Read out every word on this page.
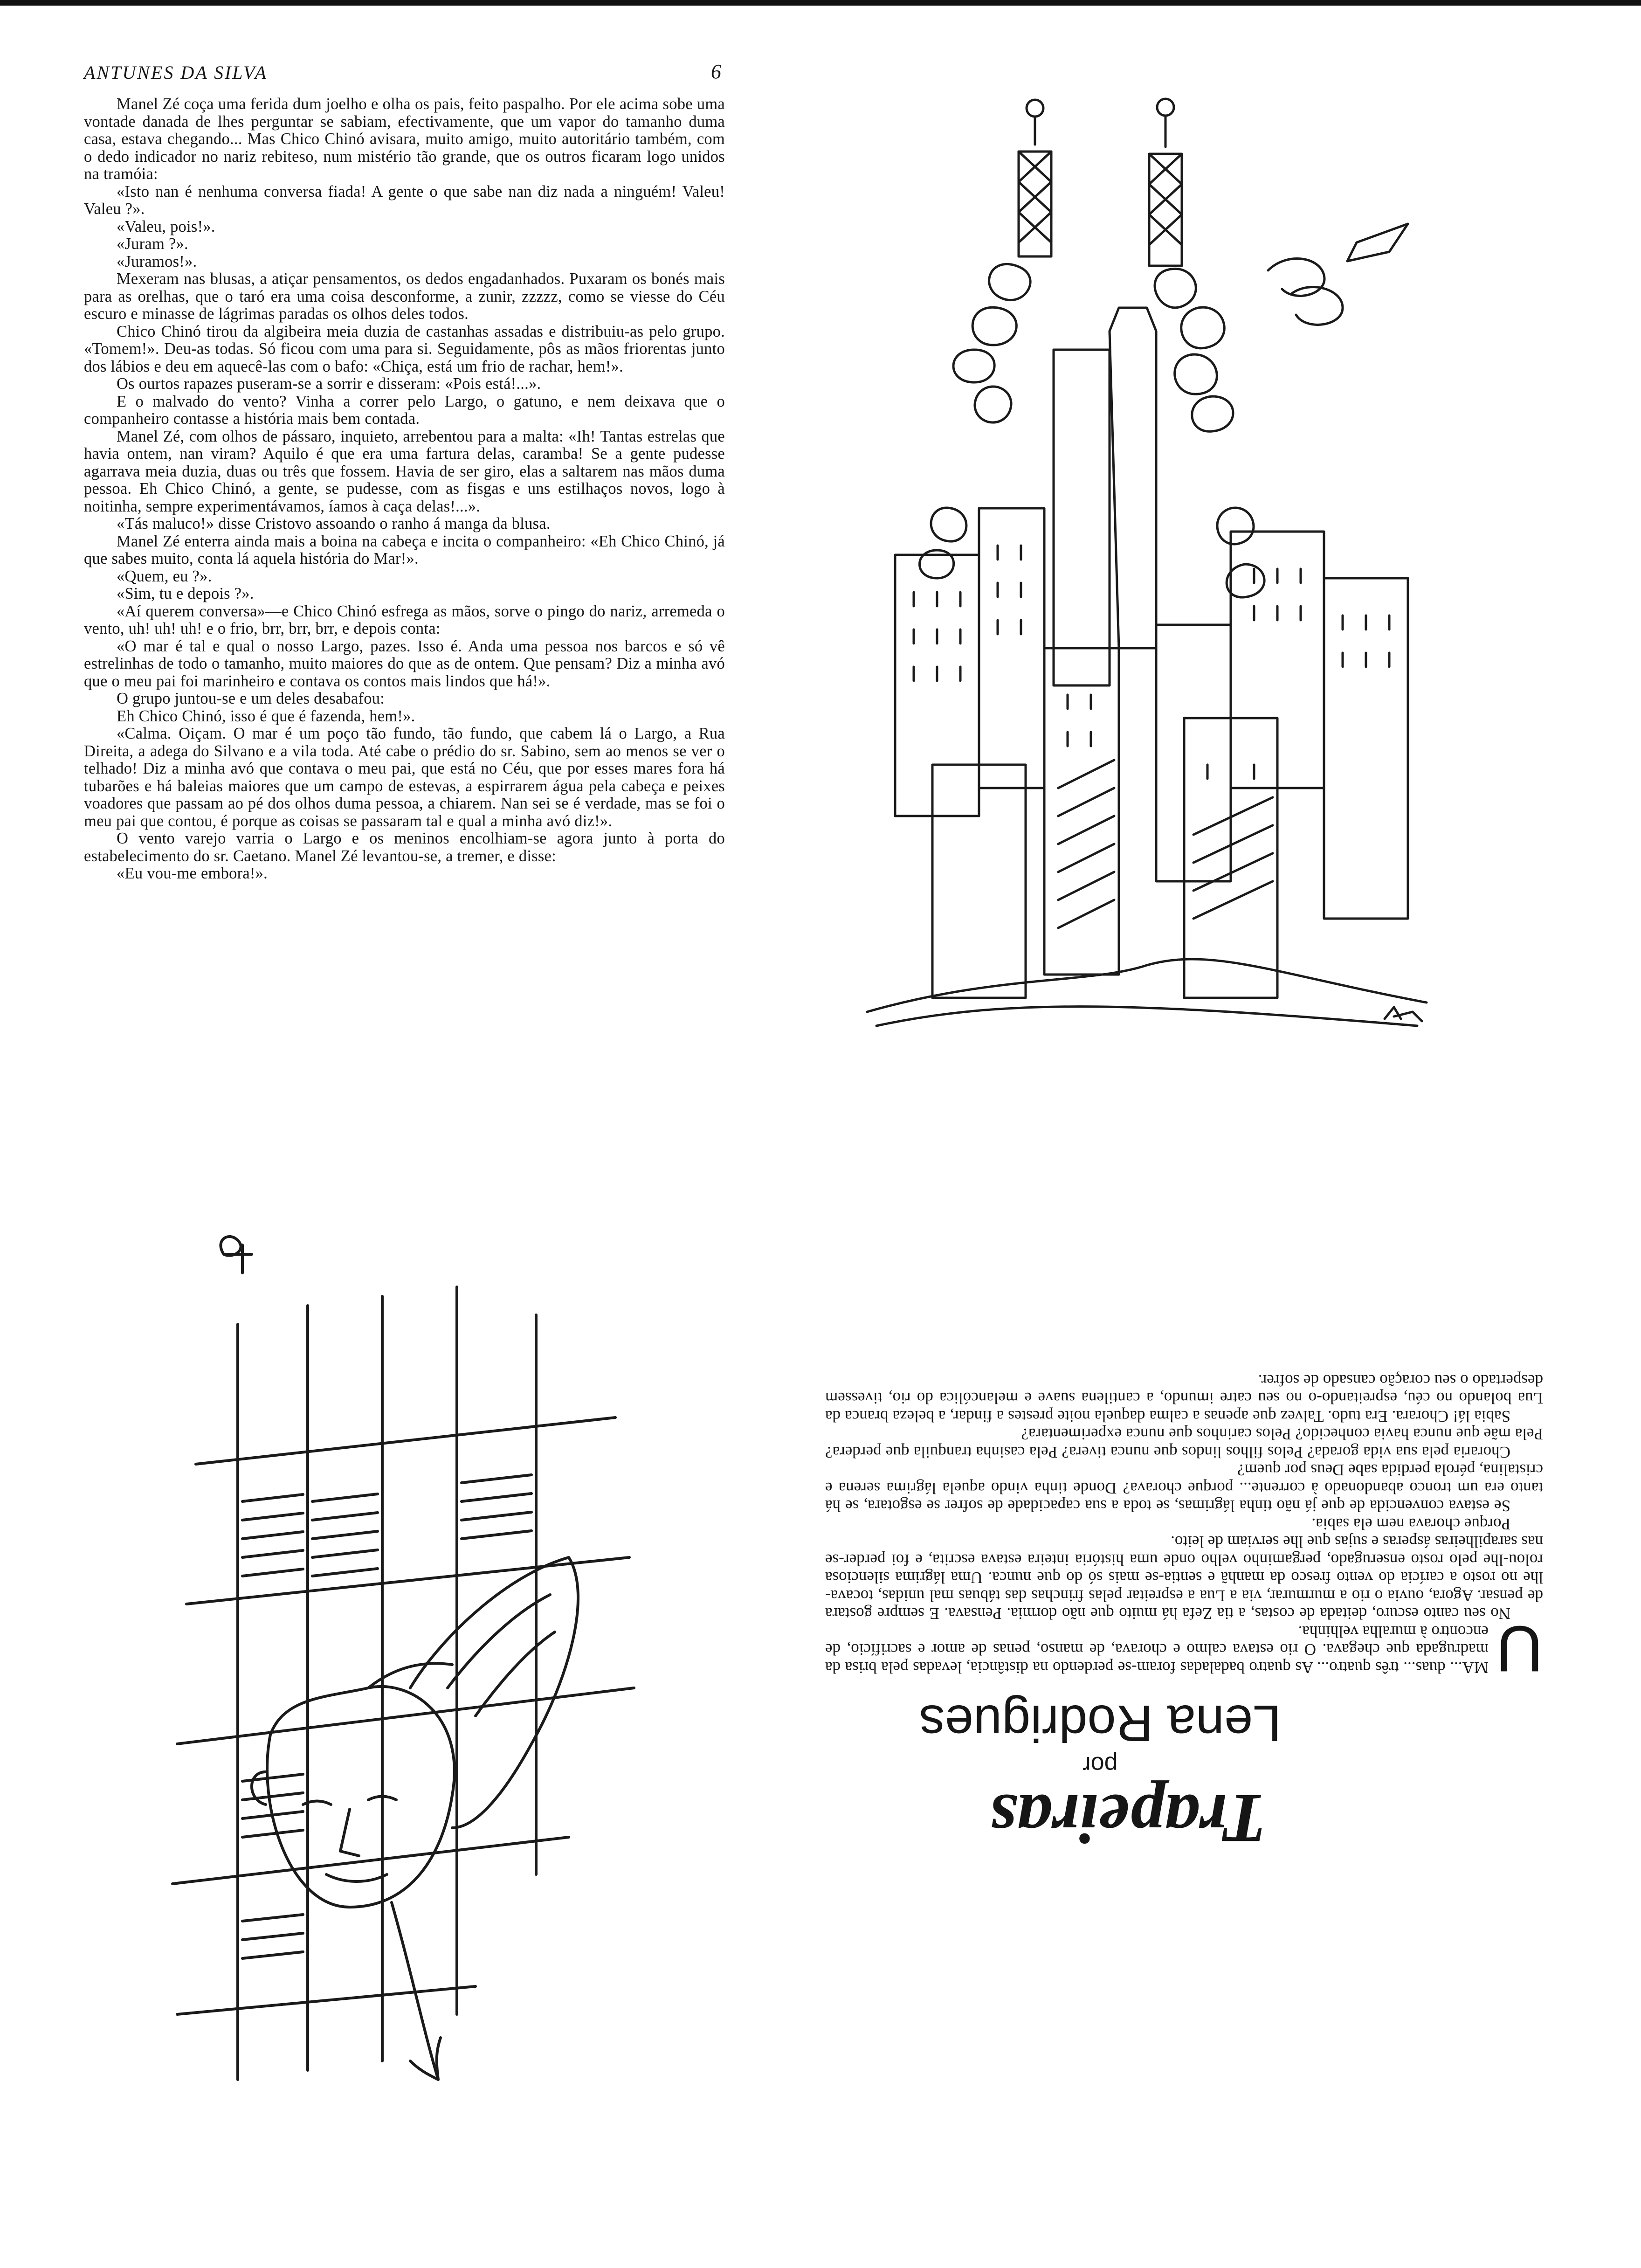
ANTUNES DA SILVA	6

Manel Zé coça uma ferida dum joelho e olha os pais, feito paspalho. Por ele acima sobe uma vontade danada de lhes perguntar se sabiam, efectivamente, que um vapor do tamanho duma casa, estava chegando... Mas Chico Chinó avisara, muito amigo, muito autoritário também, com o dedo indicador no nariz rebiteso, num mistério tão grande, que os outros ficaram logo unidos na tramóia:

«Isto nan é nenhuma conversa fiada! A gente o que sabe nan diz nada a ninguém! Valeu! Valeu ?».

«Valeu, pois!».

«Juram ?».

«Juramos!».

Mexeram nas blusas, a atiçar pensamentos, os dedos engadanhados. Puxaram os bonés mais para as orelhas, que o taró era uma coisa desconforme, a zunir, zzzzz, como se viesse do Céu escuro e minasse de lágrimas paradas os olhos deles todos.

Chico Chinó tirou da algibeira meia duzia de castanhas assadas e distribuiu-as pelo grupo. «Tomem!». Deu-as todas. Só ficou com uma para si. Seguidamente, pôs as mãos friorentas junto dos lábios e deu em aquecê-las com o bafo: «Chiça, está um frio de rachar, hem!».

Os ourtos rapazes puseram-se a sorrir e disseram: «Pois está!...».

E o malvado do vento? Vinha a correr pelo Largo, o gatuno, e nem deixava que o companheiro contasse a história mais bem contada.

Manel Zé, com olhos de pássaro, inquieto, arrebentou para a malta: «Ih! Tantas estrelas que havia ontem, nan viram? Aquilo é que era uma fartura delas, caramba! Se a gente pudesse agarrava meia duzia, duas ou três que fossem. Havia de ser giro, elas a saltarem nas mãos duma pessoa. Eh Chico Chinó, a gente, se pudesse, com as fisgas e uns estilhaços novos, logo à noitinha, sempre experimentávamos, íamos à caça delas!...».

«Tás maluco!» disse Cristovo assoando o ranho á manga da blusa.

Manel Zé enterra ainda mais a boina na cabeça e incita o companheiro: «Eh Chico Chinó, já que sabes muito, conta lá aquela história do Mar!».

«Quem, eu ?».

«Sim, tu e depois ?».

«Aí querem conversa»—e Chico Chinó esfrega as mãos, sorve o pingo do nariz, arremeda o vento, uh! uh! uh! e o frio, brr, brr, brr, e depois conta:

«O mar é tal e qual o nosso Largo, pazes. Isso é. Anda uma pessoa nos barcos e só vê estrelinhas de todo o tamanho, muito maiores do que as de ontem. Que pensam? Diz a minha avó que o meu pai foi marinheiro e contava os contos mais lindos que há!».

O grupo juntou-se e um deles desabafou:

Eh Chico Chinó, isso é que é fazenda, hem!».

«Calma. Oiçam. O mar é um poço tão fundo, tão fundo, que cabem lá o Largo, a Rua Direita, a adega do Silvano e a vila toda. Até cabe o prédio do sr. Sabino, sem ao menos se ver o telhado! Diz a minha avó que contava o meu pai, que está no Céu, que por esses mares fora há tubarões e há baleias maiores que um campo de estevas, a espirrarem água pela cabeça e peixes voadores que passam ao pé dos olhos duma pessoa, a chiarem. Nan sei se é verdade, mas se foi o meu pai que contou, é porque as coisas se passaram tal e qual a minha avó diz!».

O vento varejo varria o Largo e os meninos encolhiam-se agora junto à porta do estabelecimento do sr. Caetano. Manel Zé levantou-se, a tremer, e disse:

«Eu vou-me embora!».

Trapeiras
por
Lena Rodrigues

U
MA... duas... três quatro... As quatro badaladas foram-se perdendo na distância, levadas pela brisa da madrugada que chegava. O rio estava calmo e chorava, de manso, penas de amor e sacrifício, de encontro à muralha velhinha.

No seu canto escuro, deitada de costas, a tia Zefa há muito que não dormia. Pensava. E sempre gostara de pensar. Agora, ouvia o rio a murmurar, via a Lua a espreitar pelas frinchas das tábuas mal unidas, tocava-lhe no rosto a carícia do vento fresco da manhã e sentia-se mais só do que nunca. Uma lágrima silenciosa rolou-lhe pelo rosto enserugado, pergaminho velho onde uma história inteira estava escrita, e foi perder-se nas sarapilheiras ásperas e sujas que lhe serviam de leito.

Porque chorava nem ela sabia.

Se estava convencida de que já não tinha lágrimas, se toda a sua capacidade de sofrer se esgotara, se há tanto era um tronco abandonado à corrente... porque chorava? Donde tinha vindo aquela lágrima serena e cristalina, pérola perdida sabe Deus por quem?

Choraria pela sua vida gorada? Pelos filhos lindos que nunca tivera? Pela casinha tranquila que perdera? Pela mãe que nunca havia conhecido? Pelos carinhos que nunca experimentara?

Sabia lá! Chorara. Era tudo. Talvez que apenas a calma daquela noite prestes a findar, a beleza branca da Lua bolando no céu, espreitando-o no seu catre imundo, a cantilena suave e melancólica do rio, tivessem despertado o seu coração cansado de sofrer.
